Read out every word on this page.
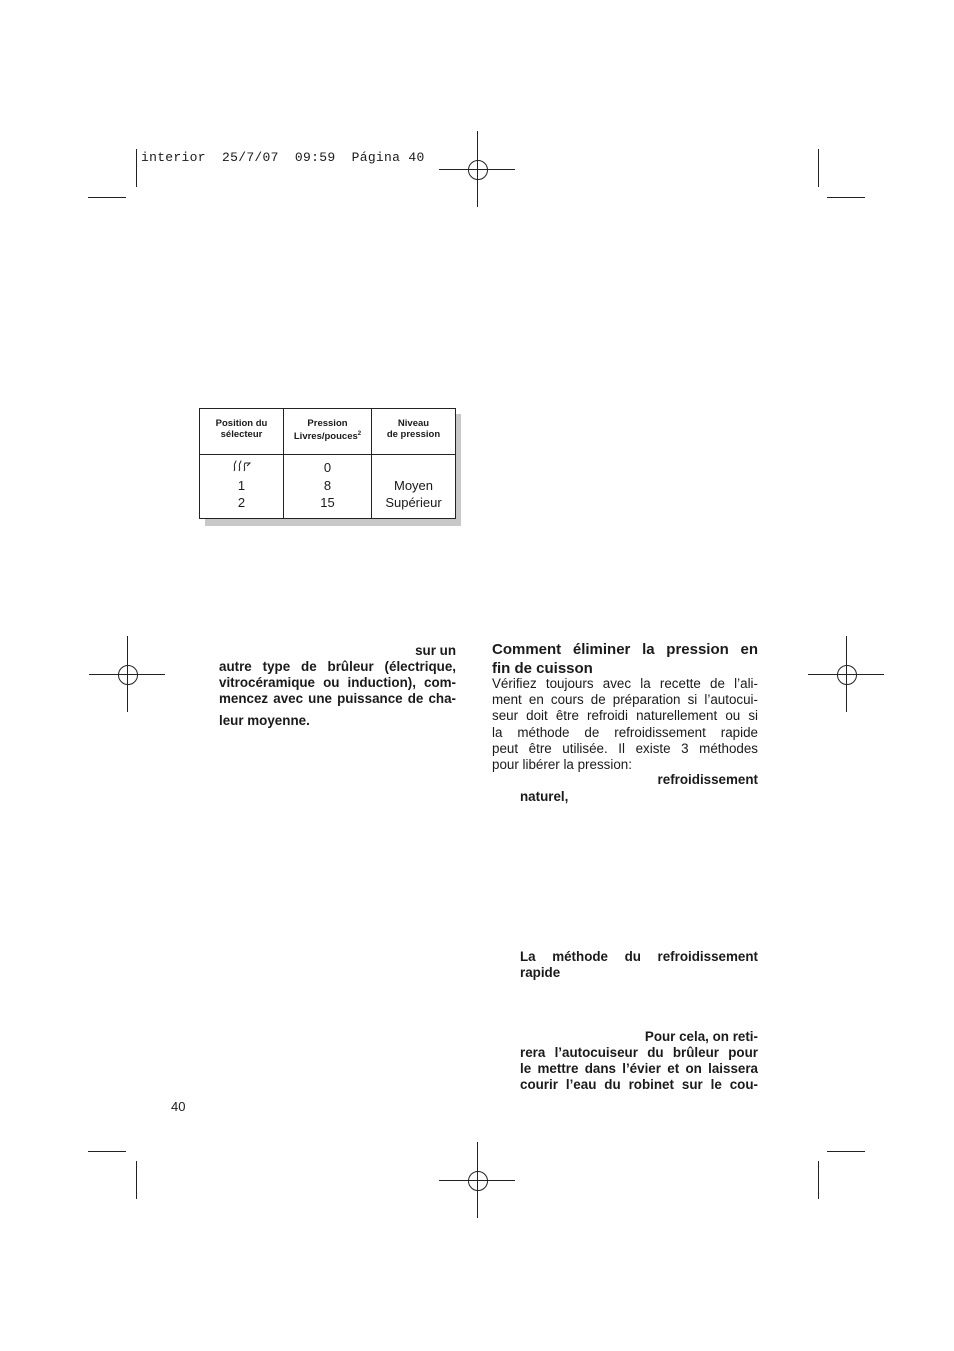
interior  25/7/07  09:59  Página 40
Position du
sélecteur
Pression
Livres/pouces$^2$
Niveau
de pression
1
2
0
8
15
Moyen
Supérieur
sur un
autre type de brûleur (électrique,
vitrocéramique ou induction), com-
mencez avec une puissance de cha-
leur moyenne.
Comment éliminer la pression en
fin de cuisson
Vérifiez toujours avec la recette de l’ali-
ment en cours de préparation si l’autocui-
seur doit être refroidi naturellement ou si
la méthode de refroidissement rapide
peut être utilisée. Il existe 3 méthodes
pour libérer la pression:
refroidissement
naturel,
La méthode du refroidissement
rapide
Pour cela, on reti-
rera l’autocuiseur du brûleur pour
le mettre dans l’évier et on laissera
courir l’eau du robinet sur le cou-
40
